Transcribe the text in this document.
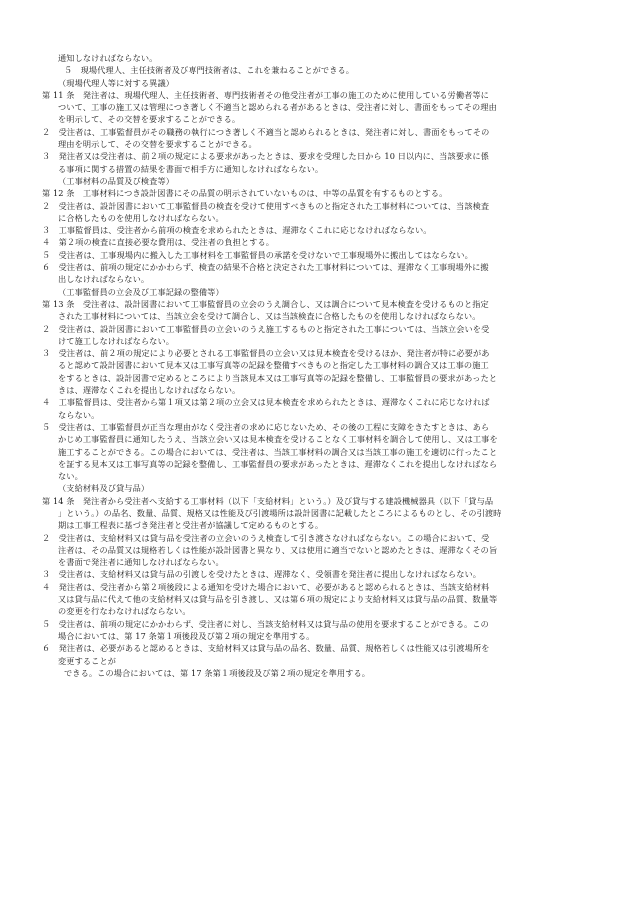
通知しなければならない。
５　現場代理人、主任技術者及び専門技術者は、これを兼ねることができる。
（現場代理人等に対する異議）
第 11 条　発注者は、現場代理人、主任技術者、専門技術者その他受注者が工事の施工のために使用している労働者等に
ついて、工事の施工又は管理につき著しく不適当と認められる者があるときは、受注者に対し、書面をもってその理由
を明示して、その交替を要求することができる。
２　受注者は、工事監督員がその職務の執行につき著しく不適当と認められるときは、発注者に対し、書面をもってその
理由を明示して、その交替を要求することができる。
３　発注者又は受注者は、前２項の規定による要求があったときは、要求を受理した日から 10 日以内に、当該要求に係
る事項に関する措置の結果を書面で相手方に通知しなければならない。
（工事材料の品質及び検査等）
第 12 条　工事材料につき設計図書にその品質の明示されていないものは、中等の品質を有するものとする。
２　受注者は、設計図書において工事監督員の検査を受けて使用すべきものと指定された工事材料については、当該検査
に合格したものを使用しなければならない。
３　工事監督員は、受注者から前項の検査を求められたときは、遅滞なくこれに応じなければならない。
４　第２項の検査に直接必要な費用は、受注者の負担とする。
５　受注者は、工事現場内に搬入した工事材料を工事監督員の承諾を受けないで工事現場外に搬出してはならない。
６　受注者は、前項の規定にかかわらず、検査の結果不合格と決定された工事材料については、遅滞なく工事現場外に搬
出しなければならない。
（工事監督員の立会及び工事記録の整備等）
第 13 条　受注者は、設計図書において工事監督員の立会のうえ調合し、又は調合について見本検査を受けるものと指定
された工事材料については、当該立会を受けて調合し、又は当該検査に合格したものを使用しなければならない。
２　受注者は、設計図書において工事監督員の立会いのうえ施工するものと指定された工事については、当該立会いを受
けて施工しなければならない。
３　受注者は、前２項の規定により必要とされる工事監督員の立会い又は見本検査を受けるほか、発注者が特に必要があ
ると認めて設計図書において見本又は工事写真等の記録を整備すべきものと指定した工事材料の調合又は工事の施工
をするときは、設計図書で定めるところにより当該見本又は工事写真等の記録を整備し、工事監督員の要求があったと
きは、遅滞なくこれを提出しなければならない。
４　工事監督員は、受注者から第１項又は第２項の立会又は見本検査を求められたときは、遅滞なくこれに応じなければ
ならない。
５　受注者は、工事監督員が正当な理由がなく受注者の求めに応じないため、その後の工程に支障をきたすときは、あら
かじめ工事監督員に通知したうえ、当該立会い又は見本検査を受けることなく工事材料を調合して使用し、又は工事を
施工することができる。この場合においては、受注者は、当該工事材料の調合又は当該工事の施工を適切に行ったこと
を証する見本又は工事写真等の記録を整備し、工事監督員の要求があったときは、遅滞なくこれを提出しなければなら
ない。
（支給材料及び貸与品）
第 14 条　発注者から受注者へ支給する工事材料（以下「支給材料」という。）及び貸与する建設機械器具（以下「貸与品
」という。）の品名、数量、品質、規格又は性能及び引渡場所は設計図書に記載したところによるものとし、その引渡時
期は工事工程表に基づき発注者と受注者が協議して定めるものとする。
２　受注者は、支給材料又は貸与品を受注者の立会いのうえ検査して引き渡さなければならない。この場合において、受
注者は、その品質又は規格若しくは性能が設計図書と異なり、又は使用に適当でないと認めたときは、遅滞なくその旨
を書面で発注者に通知しなければならない。
３　受注者は、支給材料又は貸与品の引渡しを受けたときは、遅滞なく、受領書を発注者に提出しなければならない。
４　発注者は、受注者から第２項後段による通知を受けた場合において、必要があると認められるときは、当該支給材料
又は貸与品に代えて他の支給材料又は貸与品を引き渡し、又は第６項の規定により支給材料又は貸与品の品質、数量等
の変更を行なわなければならない。
５　受注者は、前項の規定にかかわらず、受注者に対し、当該支給材料又は貸与品の使用を要求することができる。この
場合においては、第 17 条第１項後段及び第２項の規定を準用する。
６　発注者は、必要があると認めるときは、支給材料又は貸与品の品名、数量、品質、規格若しくは性能又は引渡場所を
変更することが
できる。この場合においては、第 17 条第１項後段及び第２項の規定を準用する。
